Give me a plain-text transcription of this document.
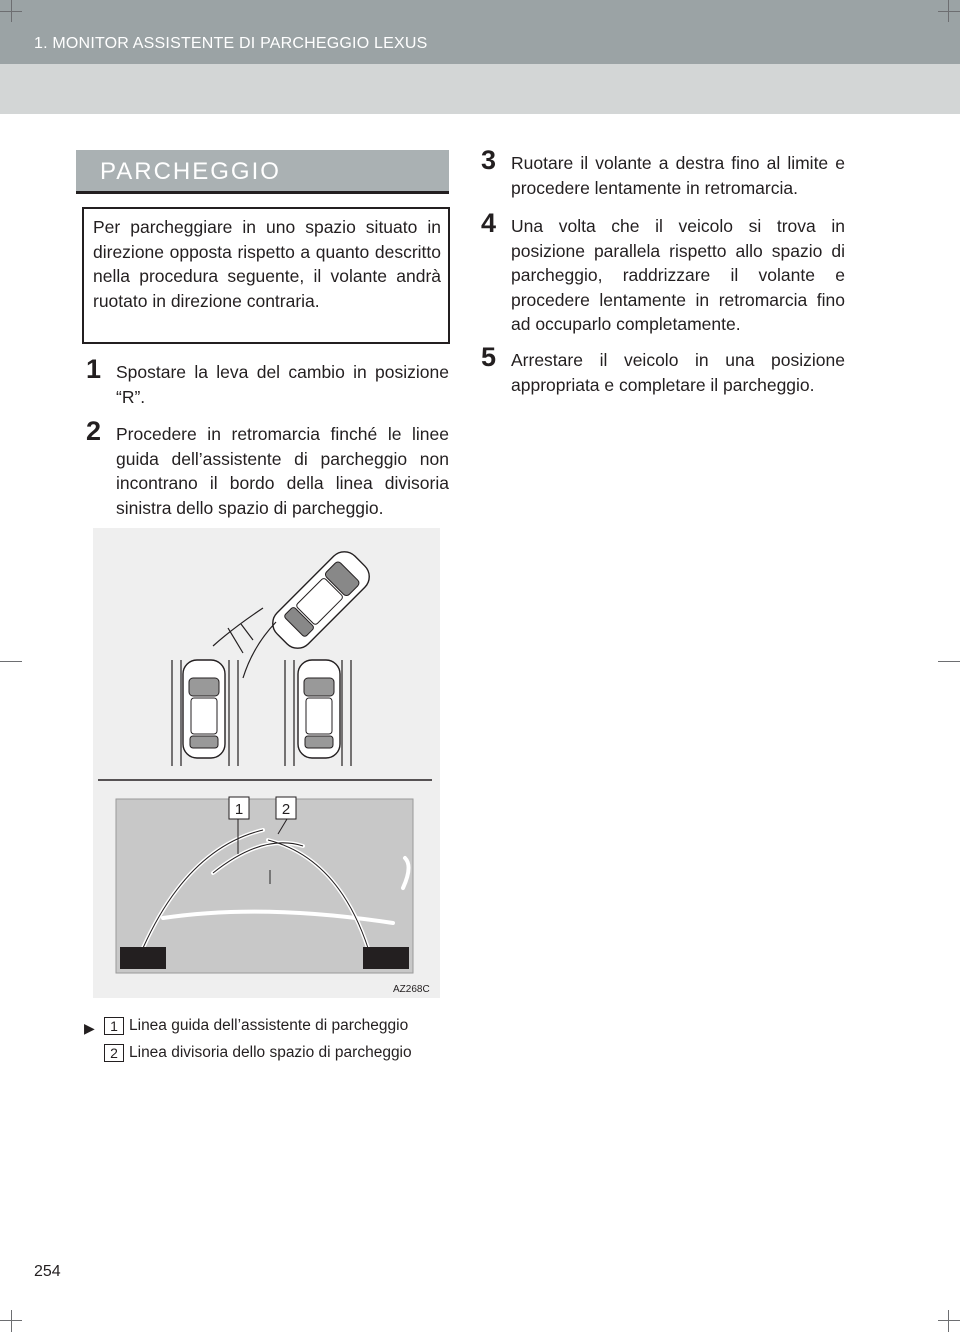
1. MONITOR ASSISTENTE DI PARCHEGGIO LEXUS
PARCHEGGIO
Per parcheggiare in uno spazio situato in direzione opposta rispetto a quanto descritto nella procedura seguente, il volante andrà ruotato in direzione contraria.
1 Spostare la leva del cambio in posizione “R”.
2 Procedere in retromarcia finché le linee guida dell’assistente di parcheggio non incontrano il bordo della linea divisoria sinistra dello spazio di parcheggio.
3 Ruotare il volante a destra fino al limite e procedere lentamente in retromarcia.
4 Una volta che il veicolo si trova in posizione parallela rispetto allo spazio di parcheggio, raddrizzare il volante e procedere lentamente in retromarcia fino ad occuparlo completamente.
5 Arrestare il veicolo in una posizione appropriata e completare il parcheggio.
1	2
AZ268C
▶	1 Linea guida dell’assistente di parcheggio
2 Linea divisoria dello spazio di parcheggio
254
